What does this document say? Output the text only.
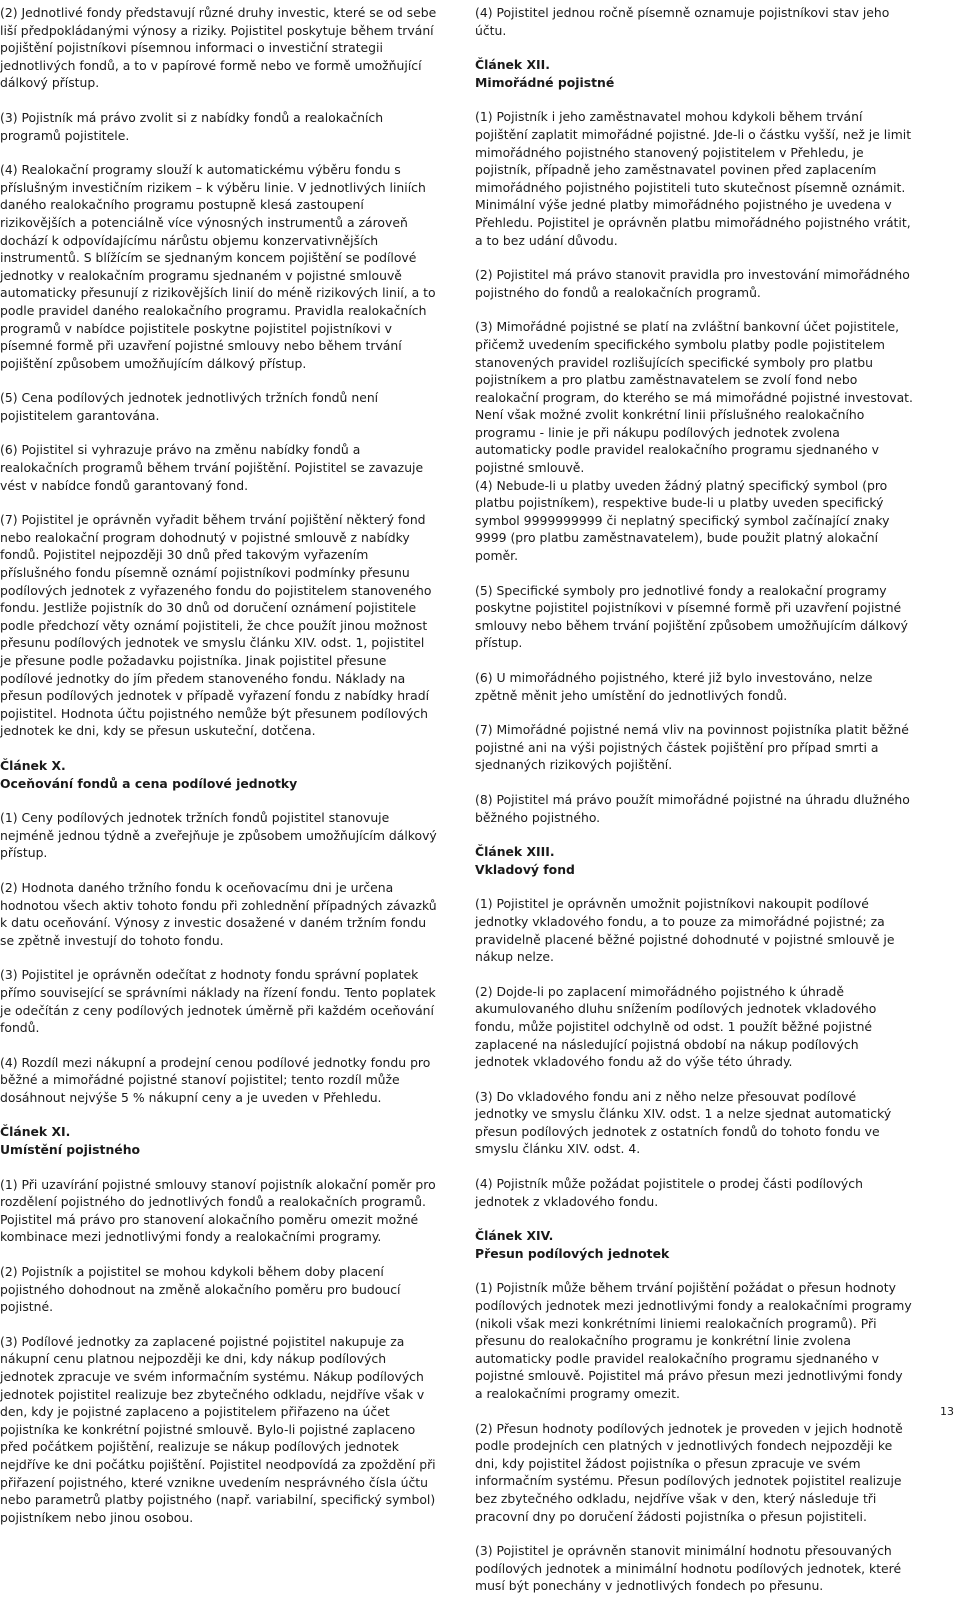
(2) Jednotlivé fondy představují různé druhy investic, které se od sebe liší předpokládanými výnosy a riziky. Pojistitel poskytuje během trvání pojištění pojistníkovi písemnou informaci o investiční strategii jednotlivých fondů, a to v papírové formě nebo ve formě umožňující dálkový přístup.

(3) Pojistník má právo zvolit si z nabídky fondů a realokačních programů pojistitele.

(4) Realokační programy slouží k automatickému výběru fondu s příslušným investičním rizikem – k výběru linie. V jednotlivých liniích daného realokačního programu postupně klesá zastoupení rizikovějších a potenciálně více výnosných instrumentů a zároveň dochází k odpovídajícímu nárůstu objemu konzervativnějších instrumentů. S blížícím se sjednaným koncem pojištění se podílové jednotky v realokačním programu sjednaném v pojistné smlouvě automaticky přesunují z rizikovějších linií do méně rizikových linií, a to podle pravidel daného realokačního programu. Pravidla realokačních programů v nabídce pojistitele poskytne pojistitel pojistníkovi v písemné formě při uzavření pojistné smlouvy nebo během trvání pojištění způsobem umožňujícím dálkový přístup.

(5) Cena podílových jednotek jednotlivých tržních fondů není pojistitelem garantována.

(6) Pojistitel si vyhrazuje právo na změnu nabídky fondů a realokačních programů během trvání pojištění. Pojistitel se zavazuje vést v nabídce fondů garantovaný fond.

(7) Pojistitel je oprávněn vyřadit během trvání pojištění některý fond nebo realokační program dohodnutý v pojistné smlouvě z nabídky fondů. Pojistitel nejpozději 30 dnů před takovým vyřazením příslušného fondu písemně oznámí pojistníkovi podmínky přesunu podílových jednotek z vyřazeného fondu do pojistitelem stanoveného fondu. Jestliže pojistník do 30 dnů od doručení oznámení pojistitele podle předchozí věty oznámí pojistiteli, že chce použít jinou možnost přesunu podílových jednotek ve smyslu článku XIV. odst. 1, pojistitel je přesune podle požadavku pojistníka. Jinak pojistitel přesune podílové jednotky do jím předem stanoveného fondu. Náklady na přesun podílových jednotek v případě vyřazení fondu z nabídky hradí pojistitel. Hodnota účtu pojistného nemůže být přesunem podílových jednotek ke dni, kdy se přesun uskuteční, dotčena.

Článek X.

Oceňování fondů a cena podílové jednotky

(1) Ceny podílových jednotek tržních fondů pojistitel stanovuje nejméně jednou týdně a zveřejňuje je způsobem umožňujícím dálkový přístup.

(2) Hodnota daného tržního fondu k oceňovacímu dni je určena hodnotou všech aktiv tohoto fondu při zohlednění případných závazků k datu oceňování. Výnosy z investic dosažené v daném tržním fondu se zpětně investují do tohoto fondu.

(3) Pojistitel je oprávněn odečítat z hodnoty fondu správní poplatek přímo související se správními náklady na řízení fondu. Tento poplatek je odečítán z ceny podílových jednotek úměrně při každém oceňování fondů.

(4) Rozdíl mezi nákupní a prodejní cenou podílové jednotky fondu pro běžné a mimořádné pojistné stanoví pojistitel; tento rozdíl může dosáhnout nejvýše 5 % nákupní ceny a je uveden v Přehledu.

Článek XI.

Umístění pojistného

(1) Při uzavírání pojistné smlouvy stanoví pojistník alokační poměr pro rozdělení pojistného do jednotlivých fondů a realokačních programů. Pojistitel má právo pro stanovení alokačního poměru omezit možné kombinace mezi jednotlivými fondy a realokačními programy.

(2) Pojistník a pojistitel se mohou kdykoli během doby placení pojistného dohodnout na změně alokačního poměru pro budoucí pojistné.

(3) Podílové jednotky za zaplacené pojistné pojistitel nakupuje za nákupní cenu platnou nejpozději ke dni, kdy nákup podílových jednotek zpracuje ve svém informačním systému. Nákup podílových jednotek pojistitel realizuje bez zbytečného odkladu, nejdříve však v den, kdy je pojistné zaplaceno a pojistitelem přiřazeno na účet pojistníka ke konkrétní pojistné smlouvě. Bylo-li pojistné zaplaceno před počátkem pojištění, realizuje se nákup podílových jednotek nejdříve ke dni počátku pojištění. Pojistitel neodpovídá za zpoždění při přiřazení pojistného, které vznikne uvedením nesprávného čísla účtu nebo parametrů platby pojistného (např. variabilní, specifický symbol) pojistníkem nebo jinou osobou.

(4) Pojistitel jednou ročně písemně oznamuje pojistníkovi stav jeho účtu.

Článek XII.

Mimořádné pojistné

(1) Pojistník i jeho zaměstnavatel mohou kdykoli během trvání pojištění zaplatit mimořádné pojistné. Jde-li o částku vyšší, než je limit mimořádného pojistného stanovený pojistitelem v Přehledu, je pojistník, případně jeho zaměstnavatel povinen před zaplacením mimořádného pojistného pojistiteli tuto skutečnost písemně oznámit. Minimální výše jedné platby mimořádného pojistného je uvedena v Přehledu. Pojistitel je oprávněn platbu mimořádného pojistného vrátit, a to bez udání důvodu.

(2) Pojistitel má právo stanovit pravidla pro investování mimořádného pojistného do fondů a realokačních programů.

(3) Mimořádné pojistné se platí na zvláštní bankovní účet pojistitele, přičemž uvedením specifického symbolu platby podle pojistitelem stanovených pravidel rozlišujících specifické symboly pro platbu pojistníkem a pro platbu zaměstnavatelem se zvolí fond nebo realokační program, do kterého se má mimořádné pojistné investovat. Není však možné zvolit konkrétní linii příslušného realokačního programu - linie je při nákupu podílových jednotek zvolena automaticky podle pravidel realokačního programu sjednaného v pojistné smlouvě.
(4) Nebude-li u platby uveden žádný platný specifický symbol (pro platbu pojistníkem), respektive bude-li u platby uveden specifický symbol 9999999999 či neplatný specifický symbol začínající znaky 9999 (pro platbu zaměstnavatelem), bude použit platný alokační poměr.

(5) Specifické symboly pro jednotlivé fondy a realokační programy poskytne pojistitel pojistníkovi v písemné formě při uzavření pojistné smlouvy nebo během trvání pojištění způsobem umožňujícím dálkový přístup.

(6) U mimořádného pojistného, které již bylo investováno, nelze zpětně měnit jeho umístění do jednotlivých fondů.

(7) Mimořádné pojistné nemá vliv na povinnost pojistníka platit běžné pojistné ani na výši pojistných částek pojištění pro případ smrti a sjednaných rizikových pojištění.

(8) Pojistitel má právo použít mimořádné pojistné na úhradu dlužného běžného pojistného.

Článek XIII.

Vkladový fond

(1) Pojistitel je oprávněn umožnit pojistníkovi nakoupit podílové jednotky vkladového fondu, a to pouze za mimořádné pojistné; za pravidelně placené běžné pojistné dohodnuté v pojistné smlouvě je nákup nelze.

(2) Dojde-li po zaplacení mimořádného pojistného k úhradě akumulovaného dluhu snížením podílových jednotek vkladového fondu, může pojistitel odchylně od odst. 1 použít běžné pojistné zaplacené na následující pojistná období na nákup podílových jednotek vkladového fondu až do výše této úhrady.

(3) Do vkladového fondu ani z něho nelze přesouvat podílové jednotky ve smyslu článku XIV. odst. 1 a nelze sjednat automatický přesun podílových jednotek z ostatních fondů do tohoto fondu ve smyslu článku XIV. odst. 4.

(4) Pojistník může požádat pojistitele o prodej části podílových jednotek z vkladového fondu.

Článek XIV.

Přesun podílových jednotek

(1) Pojistník může během trvání pojištění požádat o přesun hodnoty podílových jednotek mezi jednotlivými fondy a realokačními programy (nikoli však mezi konkrétními liniemi realokačních programů). Při přesunu do realokačního programu je konkrétní linie zvolena automaticky podle pravidel realokačního programu sjednaného v pojistné smlouvě. Pojistitel má právo přesun mezi jednotlivými fondy a realokačními programy omezit.

(2) Přesun hodnoty podílových jednotek je proveden v jejich hodnotě podle prodejních cen platných v jednotlivých fondech nejpozději ke dni, kdy pojistitel žádost pojistníka o přesun zpracuje ve svém informačním systému. Přesun podílových jednotek pojistitel realizuje bez zbytečného odkladu, nejdříve však v den, který následuje tři pracovní dny po doručení žádosti pojistníka o přesun pojistiteli.

(3) Pojistitel je oprávněn stanovit minimální hodnotu přesouvaných podílových jednotek a minimální hodnotu podílových jednotek, které musí být ponechány v jednotlivých fondech po přesunu.

13
